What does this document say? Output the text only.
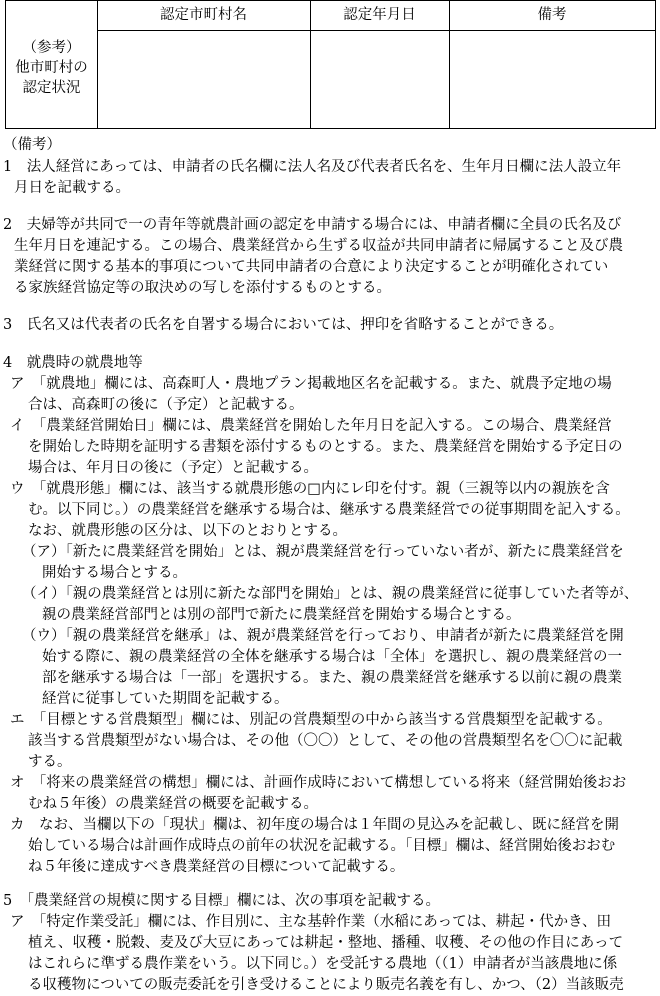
（参考）
他市町村の
認定状況
認定市町村名	認定年月日	備考
（備考）
1　法人経営にあっては、申請者の氏名欄に法人名及び代表者氏名を、生年月日欄に法人設立年
月日を記載する。
2　夫婦等が共同で一の青年等就農計画の認定を申請する場合には、申請者欄に全員の氏名及び
生年月日を連記する。この場合、農業経営から生ずる収益が共同申請者に帰属すること及び農
業経営に関する基本的事項について共同申請者の合意により決定することが明確化されてい
る家族経営協定等の取決めの写しを添付するものとする。
3　氏名又は代表者の氏名を自署する場合においては、押印を省略することができる。
4　就農時の就農地等
ア　「就農地」欄には、高森町人・農地プラン掲載地区名を記載する。また、就農予定地の場
合は、高森町の後に（予定）と記載する。
イ　「農業経営開始日」欄には、農業経営を開始した年月日を記入する。この場合、農業経営
を開始した時期を証明する書類を添付するものとする。また、農業経営を開始する予定日の
場合は、年月日の後に（予定）と記載する。
ウ　「就農形態」欄には、該当する就農形態の□内にレ印を付す。親（三親等以内の親族を含
む。以下同じ。）の農業経営を継承する場合は、継承する農業経営での従事期間を記入する。
なお、就農形態の区分は、以下のとおりとする。
（ア）「新たに農業経営を開始」とは、親が農業経営を行っていない者が、新たに農業経営を
開始する場合とする。
（イ）「親の農業経営とは別に新たな部門を開始」とは、親の農業経営に従事していた者等が、
親の農業経営部門とは別の部門で新たに農業経営を開始する場合とする。
（ウ）「親の農業経営を継承」は、親が農業経営を行っており、申請者が新たに農業経営を開
始する際に、親の農業経営の全体を継承する場合は「全体」を選択し、親の農業経営の一
部を継承する場合は「一部」を選択する。また、親の農業経営を継承する以前に親の農業
経営に従事していた期間を記載する。
エ　「目標とする営農類型」欄には、別記の営農類型の中から該当する営農類型を記載する。
該当する営農類型がない場合は、その他（〇〇）として、その他の営農類型名を〇〇に記載
する。
オ　「将来の農業経営の構想」欄には、計画作成時において構想している将来（経営開始後おお
むね５年後）の農業経営の概要を記載する。
カ　なお、当欄以下の「現状」欄は、初年度の場合は１年間の見込みを記載し、既に経営を開
始している場合は計画作成時点の前年の状況を記載する。「目標」欄は、経営開始後おおむ
ね５年後に達成すべき農業経営の目標について記載する。
5　「農業経営の規模に関する目標」欄には、次の事項を記載する。
ア　「特定作業受託」欄には、作目別に、主な基幹作業（水稲にあっては、耕起・代かき、田
植え、収穫・脱穀、麦及び大豆にあっては耕起・整地、播種、収穫、その他の作目にあって
はこれらに準ずる農作業をいう。以下同じ。）を受託する農地（（1）申請者が当該農地に係
る収穫物についての販売委託を引き受けることにより販売名義を有し、かつ、（2）当該販売
